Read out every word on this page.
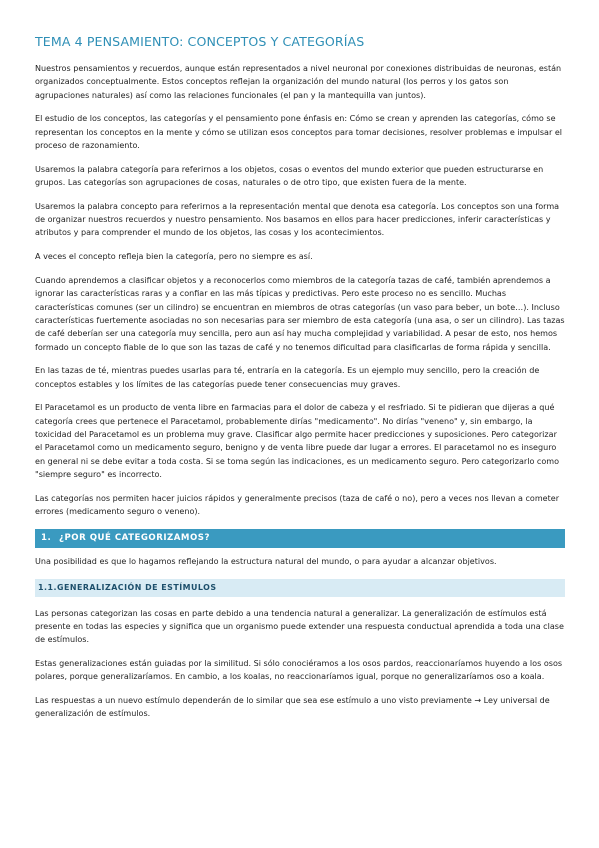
TEMA 4 PENSAMIENTO: CONCEPTOS Y CATEGORÍAS

Nuestros pensamientos y recuerdos, aunque están representados a nivel neuronal por conexiones distribuidas de neuronas, están organizados conceptualmente. Estos conceptos reflejan la organización del mundo natural (los perros y los gatos son agrupaciones naturales) así como las relaciones funcionales (el pan y la mantequilla van juntos).

El estudio de los conceptos, las categorías y el pensamiento pone énfasis en: Cómo se crean y aprenden las categorías, cómo se representan los conceptos en la mente y cómo se utilizan esos conceptos para tomar decisiones, resolver problemas e impulsar el proceso de razonamiento.

Usaremos la palabra categoría para referirnos a los objetos, cosas o eventos del mundo exterior que pueden estructurarse en grupos. Las categorías son agrupaciones de cosas, naturales o de otro tipo, que existen fuera de la mente.

Usaremos la palabra concepto para referirnos a la representación mental que denota esa categoría. Los conceptos son una forma de organizar nuestros recuerdos y nuestro pensamiento. Nos basamos en ellos para hacer predicciones, inferir características y atributos y para comprender el mundo de los objetos, las cosas y los acontecimientos.

A veces el concepto refleja bien la categoría, pero no siempre es así.

Cuando aprendemos a clasificar objetos y a reconocerlos como miembros de la categoría tazas de café, también aprendemos a ignorar las características raras y a confiar en las más típicas y predictivas. Pero este proceso no es sencillo. Muchas características comunes (ser un cilindro) se encuentran en miembros de otras categorías (un vaso para beber, un bote…). Incluso características fuertemente asociadas no son necesarias para ser miembro de esta categoría (una asa, o ser un cilindro). Las tazas de café deberían ser una categoría muy sencilla, pero aun así hay mucha complejidad y variabilidad. A pesar de esto, nos hemos formado un concepto fiable de lo que son las tazas de café y no tenemos dificultad para clasificarlas de forma rápida y sencilla.

En las tazas de té, mientras puedes usarlas para té, entraría en la categoría. Es un ejemplo muy sencillo, pero la creación de conceptos estables y los límites de las categorías puede tener consecuencias muy graves.

El Paracetamol es un producto de venta libre en farmacias para el dolor de cabeza y el resfriado. Si te pidieran que dijeras a qué categoría crees que pertenece el Paracetamol, probablemente dirías "medicamento". No dirías "veneno" y, sin embargo, la toxicidad del Paracetamol es un problema muy grave. Clasificar algo permite hacer predicciones y suposiciones. Pero categorizar el Paracetamol como un medicamento seguro, benigno y de venta libre puede dar lugar a errores. El paracetamol no es inseguro en general ni se debe evitar a toda costa. Si se toma según las indicaciones, es un medicamento seguro. Pero categorizarlo como "siempre seguro" es incorrecto.

Las categorías nos permiten hacer juicios rápidos y generalmente precisos (taza de café o no), pero a veces nos llevan a cometer errores (medicamento seguro o veneno).

1. ¿POR QUÉ CATEGORIZAMOS?

Una posibilidad es que lo hagamos reflejando la estructura natural del mundo, o para ayudar a alcanzar objetivos.

1.1.GENERALIZACIÓN DE ESTÍMULOS

Las personas categorizan las cosas en parte debido a una tendencia natural a generalizar. La generalización de estímulos está presente en todas las especies y significa que un organismo puede extender una respuesta conductual aprendida a toda una clase de estímulos.

Estas generalizaciones están guiadas por la similitud. Si sólo conociéramos a los osos pardos, reaccionaríamos huyendo a los osos polares, porque generalizaríamos. En cambio, a los koalas, no reaccionaríamos igual, porque no generalizaríamos oso a koala.

Las respuestas a un nuevo estímulo dependerán de lo similar que sea ese estímulo a uno visto previamente → Ley universal de generalización de estímulos.
